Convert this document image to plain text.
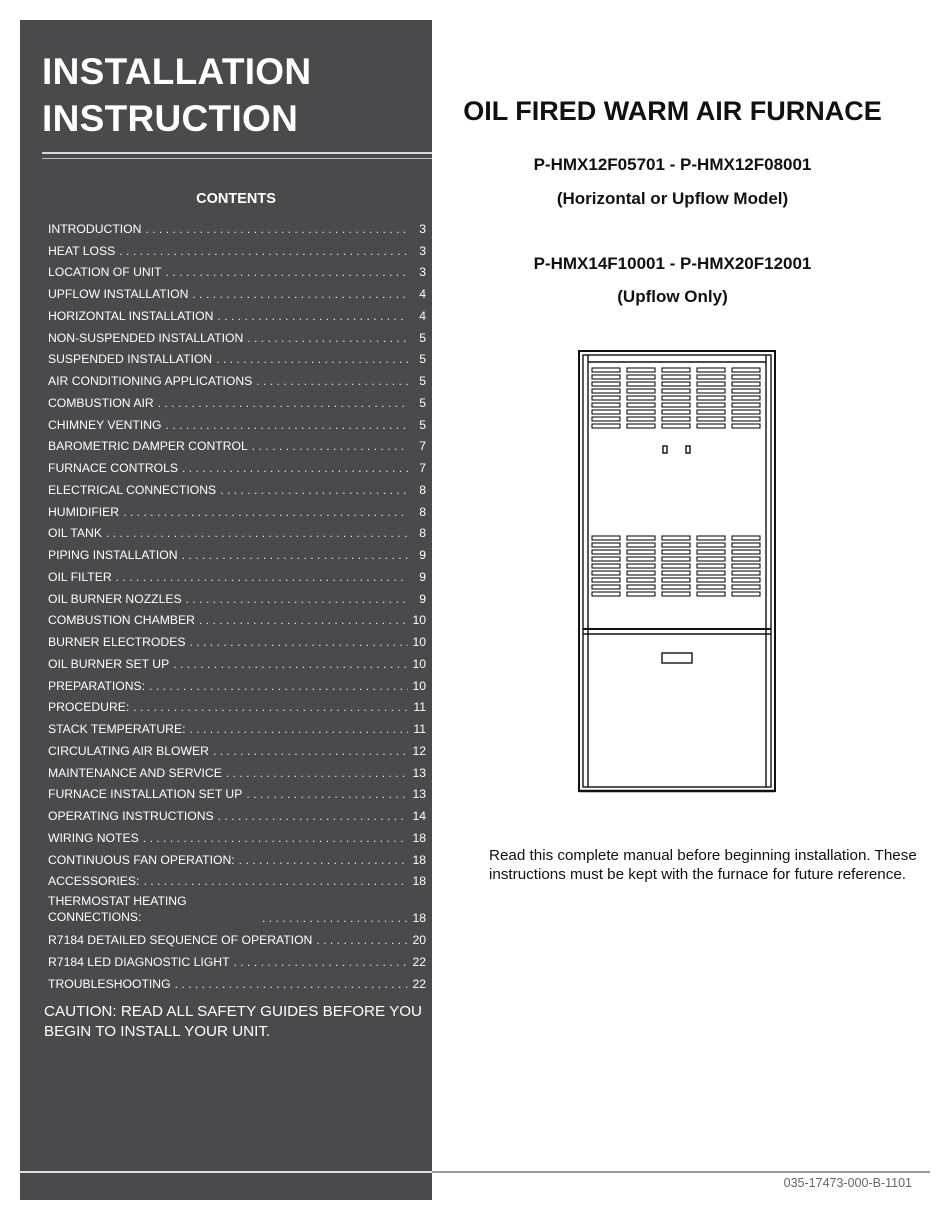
INSTALLATION
INSTRUCTION
CONTENTS
INTRODUCTION . . .	3
HEAT LOSS . . .	3
LOCATION OF UNIT . . .	3
UPFLOW INSTALLATION . . .	4
HORIZONTAL INSTALLATION . . .	4
NON-SUSPENDED INSTALLATION . . .	5
SUSPENDED INSTALLATION . . .	5
AIR CONDITIONING APPLICATIONS . . .	5
COMBUSTION AIR . . .	5
CHIMNEY VENTING . . .	5
BAROMETRIC DAMPER CONTROL . . .	7
FURNACE CONTROLS . . .	7
ELECTRICAL CONNECTIONS . . .	8
HUMIDIFIER . . .	8
OIL TANK . . .	8
PIPING INSTALLATION . . .	9
OIL FILTER . . .	9
OIL BURNER NOZZLES . . .	9
COMBUSTION CHAMBER . . .	10
BURNER ELECTRODES . . .	10
OIL BURNER SET UP . . .	10
PREPARATIONS: . . .	10
PROCEDURE: . . .	11
STACK TEMPERATURE: . . .	11
CIRCULATING AIR BLOWER . . .	12
MAINTENANCE AND SERVICE . . .	13
FURNACE INSTALLATION SET UP . . .	13
OPERATING INSTRUCTIONS . . .	14
WIRING NOTES . . .	18
CONTINUOUS FAN OPERATION: . . .	18
ACCESSORIES: . . .	18
THERMOSTAT HEATING CONNECTIONS: . . .	18
R7184 DETAILED SEQUENCE OF OPERATION . . .	20
R7184 LED DIAGNOSTIC LIGHT . . .	22
TROUBLESHOOTING . . .	22
CAUTION: READ ALL SAFETY GUIDES BEFORE YOU BEGIN TO INSTALL YOUR UNIT.
OIL FIRED WARM AIR FURNACE
P-HMX12F05701 - P-HMX12F08001
(Horizontal or Upflow Model)
P-HMX14F10001 - P-HMX20F12001
(Upflow Only)
Read this complete manual before beginning installation. These instructions must be kept with the furnace for future reference.
035-17473-000-B-1101
